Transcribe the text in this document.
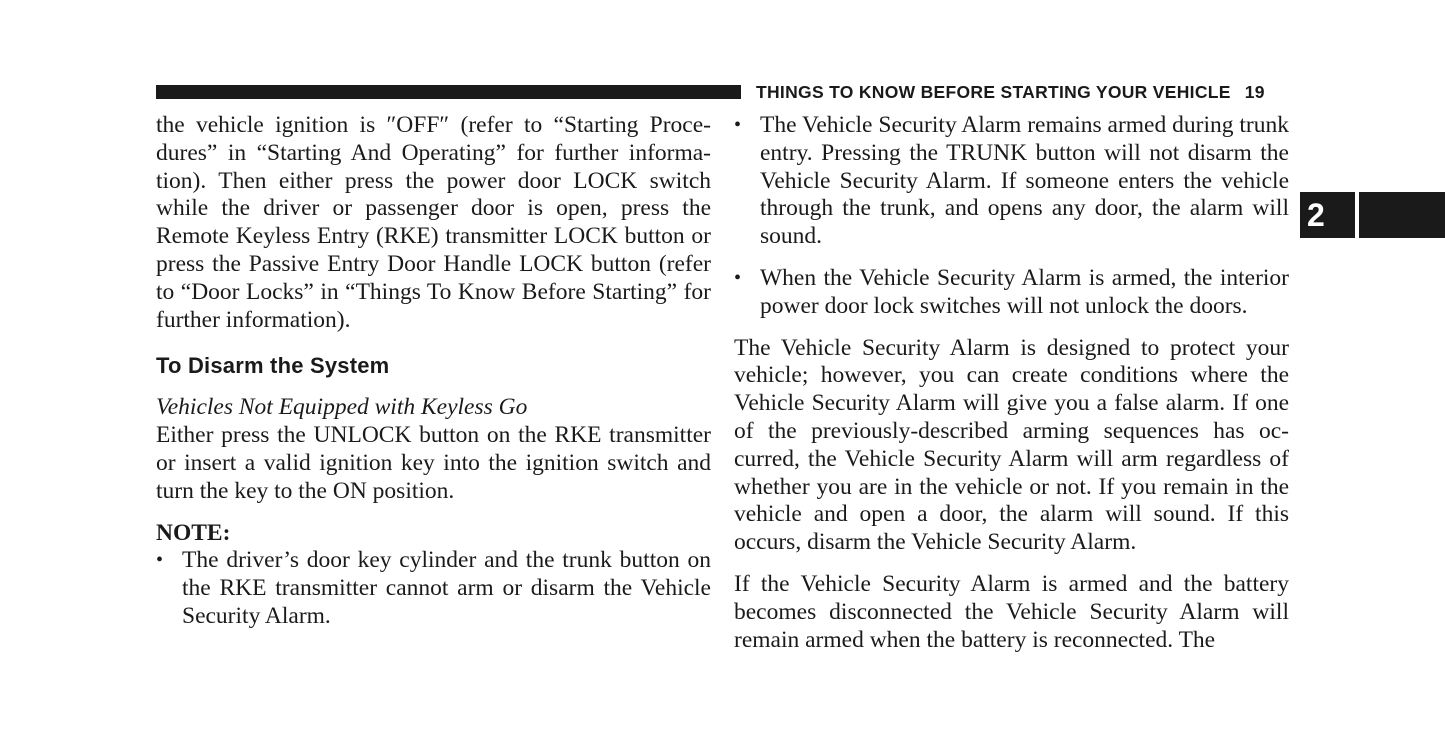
THINGS TO KNOW BEFORE STARTING YOUR VEHICLE 19
2

the vehicle ignition is ″OFF″ (refer to “Starting Proce-dures” in “Starting And Operating” for further informa-tion). Then either press the power door LOCK switch while the driver or passenger door is open, press the Remote Keyless Entry (RKE) transmitter LOCK button or press the Passive Entry Door Handle LOCK button (refer to “Door Locks” in “Things To Know Before Starting” for further information).

To Disarm the System

Vehicles Not Equipped with Keyless Go

Either press the UNLOCK button on the RKE transmitter or insert a valid ignition key into the ignition switch and turn the key to the ON position.

NOTE:

• The driver’s door key cylinder and the trunk button on the RKE transmitter cannot arm or disarm the Vehicle Security Alarm.
• The Vehicle Security Alarm remains armed during trunk entry. Pressing the TRUNK button will not disarm the Vehicle Security Alarm. If someone enters the vehicle through the trunk, and opens any door, the alarm will sound.
• When the Vehicle Security Alarm is armed, the interior power door lock switches will not unlock the doors.

The Vehicle Security Alarm is designed to protect your vehicle; however, you can create conditions where the Vehicle Security Alarm will give you a false alarm. If one of the previously-described arming sequences has oc-curred, the Vehicle Security Alarm will arm regardless of whether you are in the vehicle or not. If you remain in the vehicle and open a door, the alarm will sound. If this occurs, disarm the Vehicle Security Alarm.

If the Vehicle Security Alarm is armed and the battery becomes disconnected the Vehicle Security Alarm will remain armed when the battery is reconnected. The
